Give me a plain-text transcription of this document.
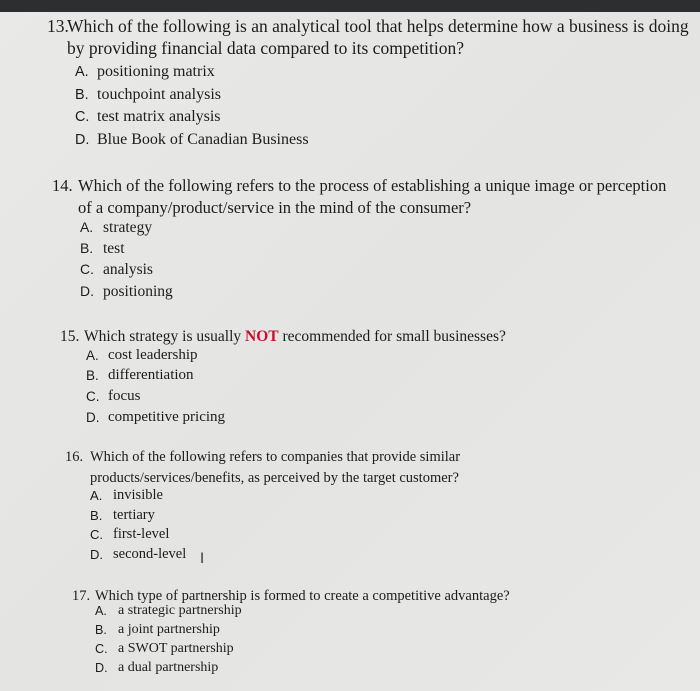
13.
Which of the following is an analytical tool that helps determine how a business is doing
by providing financial data compared to its competition?
A. positioning matrix
B. touchpoint analysis
C. test matrix analysis
D. Blue Book of Canadian Business
14. Which of the following refers to the process of establishing a unique image or perception
of a company/product/service in the mind of the consumer?
A. strategy
B. test
C. analysis
D. positioning
15. Which strategy is usually NOT recommended for small businesses?
A. cost leadership
B. differentiation
C. focus
D. competitive pricing
16. Which of the following refers to companies that provide similar
products/services/benefits, as perceived by the target customer?
A. invisible
B. tertiary
C. first-level
D. second-level
17. Which type of partnership is formed to create a competitive advantage?
A. a strategic partnership
B. a joint partnership
C. a SWOT partnership
D. a dual partnership
I
